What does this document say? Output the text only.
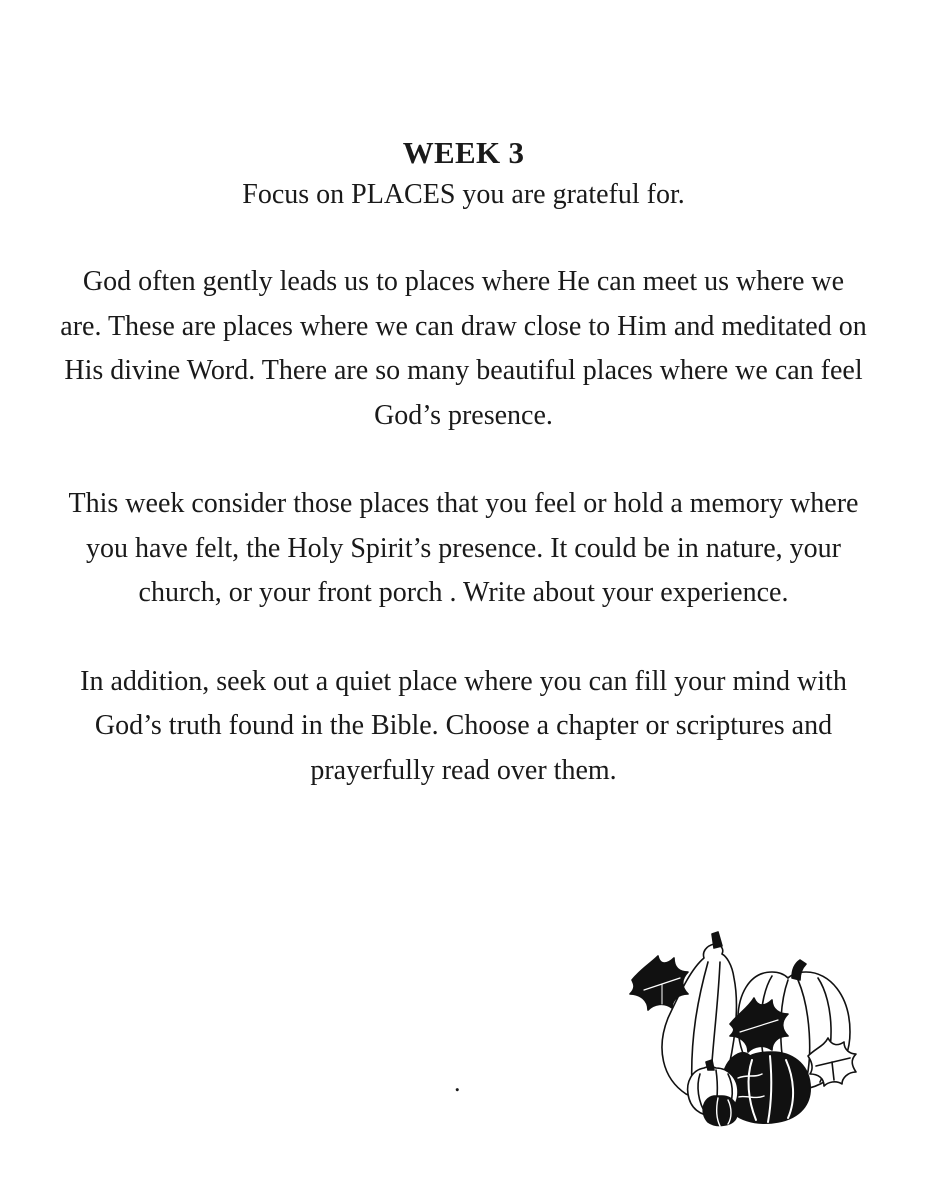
WEEK 3

Focus on PLACES you are grateful for.

God often gently leads us to places where He can meet us where we are. These are places where we can draw close to Him and meditated on His divine Word. There are so many beautiful places where we can feel God’s presence.

This week consider those places that you feel or hold a memory where you have felt, the Holy Spirit’s presence. It could be in nature, your church, or your front porch . Write about your experience.

In addition, seek out a quiet place where you can fill your mind with God’s truth found in the Bible. Choose a chapter or scriptures and prayerfully read over them.

.
